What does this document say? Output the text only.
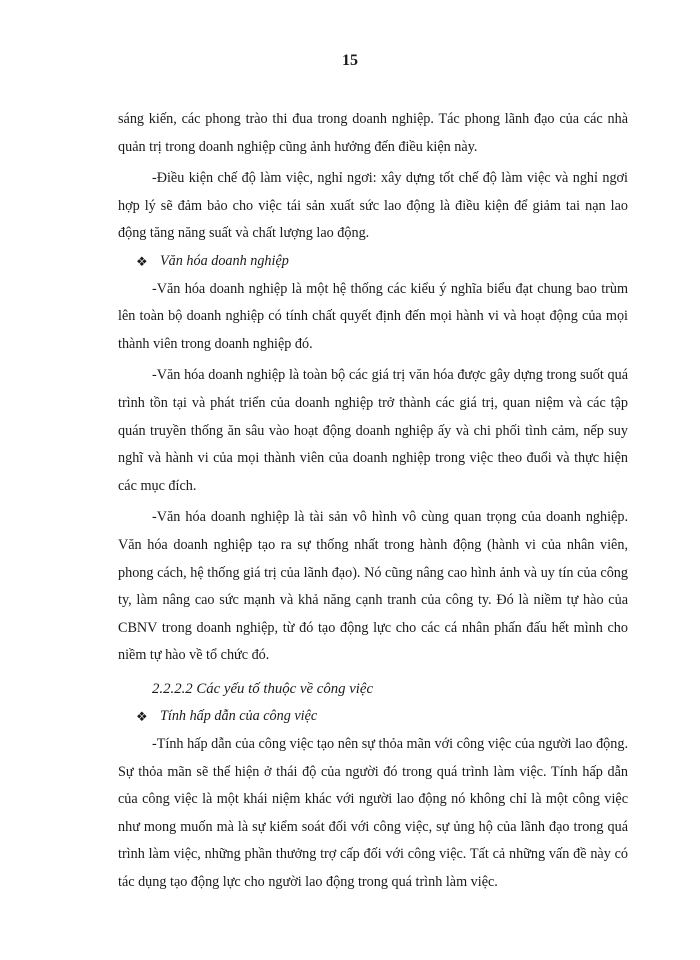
15

sáng kiến, các phong trào thi đua trong doanh nghiệp. Tác phong lãnh đạo của các nhà quản trị trong doanh nghiệp cũng ảnh hưởng đến điều kiện này.

-Điều kiện chế độ làm việc, nghỉ ngơi: xây dựng tốt chế độ làm việc và nghỉ ngơi hợp lý sẽ đảm bảo cho việc tái sản xuất sức lao động là điều kiện để giảm tai nạn lao động tăng năng suất và chất lượng lao động.

❖ Văn hóa doanh nghiệp

-Văn hóa doanh nghiệp là một hệ thống các kiểu ý nghĩa biểu đạt chung bao trùm lên toàn bộ doanh nghiệp có tính chất quyết định đến mọi hành vi và hoạt động của mọi thành viên trong doanh nghiệp đó.

-Văn hóa doanh nghiệp là toàn bộ các giá trị văn hóa được gây dựng trong suốt quá trình tồn tại và phát triển của doanh nghiệp trở thành các giá trị, quan niệm và các tập quán truyền thống ăn sâu vào hoạt động doanh nghiệp ấy và chi phối tình cảm, nếp suy nghĩ và hành vi của mọi thành viên của doanh nghiệp trong việc theo đuổi và thực hiện các mục đích.

-Văn hóa doanh nghiệp là tài sản vô hình vô cùng quan trọng của doanh nghiệp. Văn hóa doanh nghiệp tạo ra sự thống nhất trong hành động (hành vi của nhân viên, phong cách, hệ thống giá trị của lãnh đạo). Nó cũng nâng cao hình ảnh và uy tín của công ty, làm nâng cao sức mạnh và khả năng cạnh tranh của công ty. Đó là niềm tự hào của CBNV trong doanh nghiệp, từ đó tạo động lực cho các cá nhân phấn đấu hết mình cho niềm tự hào về tổ chức đó.

2.2.2.2 Các yếu tố thuộc về công việc
❖ Tính hấp dẫn của công việc

-Tính hấp dẫn của công việc tạo nên sự thỏa mãn với công việc của người lao động. Sự thỏa mãn sẽ thể hiện ở thái độ của người đó trong quá trình làm việc. Tính hấp dẫn của công việc là một khái niệm khác với người lao động nó không chỉ là một công việc như mong muốn mà là sự kiểm soát đối với công việc, sự ủng hộ của lãnh đạo trong quá trình làm việc, những phần thưởng trợ cấp đối với công việc. Tất cả những vấn đề này có tác dụng tạo động lực cho người lao động trong quá trình làm việc.
